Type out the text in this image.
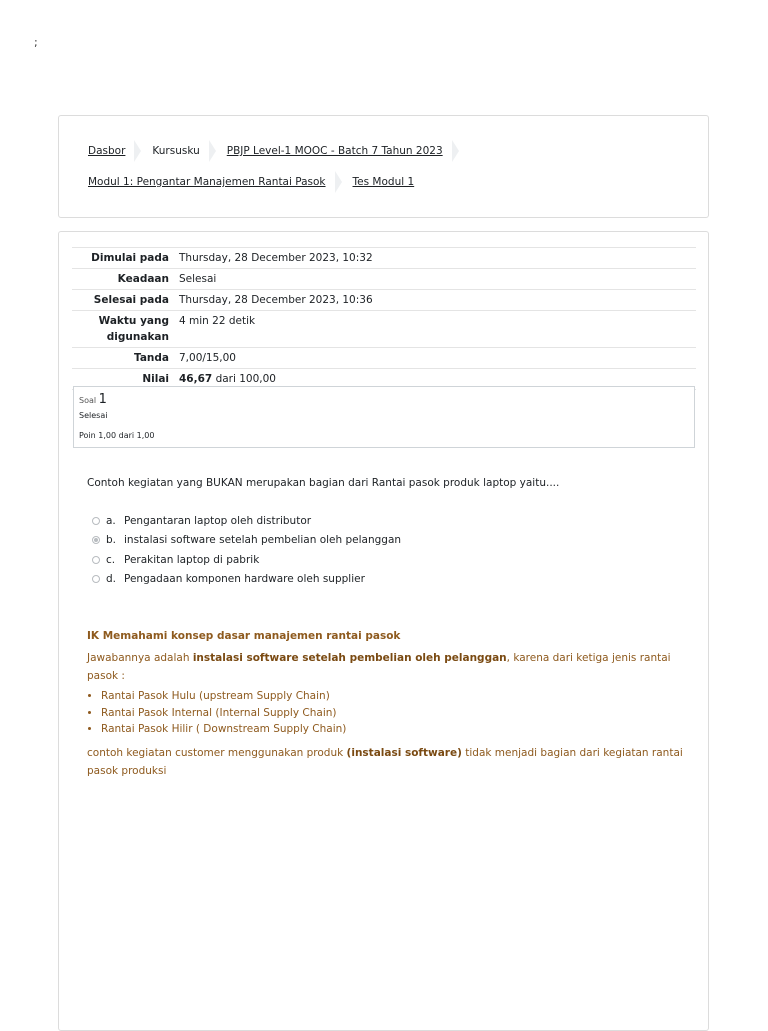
;
Dasbor	Kursusku	PBJP Level-1 MOOC - Batch 7 Tahun 2023
Modul 1: Pengantar Manajemen Rantai Pasok	Tes Modul 1
Dimulai pada	Thursday, 28 December 2023, 10:32
Keadaan	Selesai
Selesai pada	Thursday, 28 December 2023, 10:36
Waktu yang digunakan	4 min 22 detik
Tanda	7,00/15,00
Nilai	46,67 dari 100,00
Soal 1
Selesai
Poin 1,00 dari 1,00
Contoh kegiatan yang BUKAN merupakan bagian dari Rantai pasok produk laptop yaitu....
a. Pengantaran laptop oleh distributor
b. instalasi software setelah pembelian oleh pelanggan
c. Perakitan laptop di pabrik
d. Pengadaan komponen hardware oleh supplier
IK Memahami konsep dasar manajemen rantai pasok

Jawabannya adalah instalasi software setelah pembelian oleh pelanggan, karena dari ketiga jenis rantai pasok :

• Rantai Pasok Hulu (upstream Supply Chain)
• Rantai Pasok Internal (Internal Supply Chain)
• Rantai Pasok Hilir ( Downstream Supply Chain)

contoh kegiatan customer menggunakan produk (instalasi software) tidak menjadi bagian dari kegiatan rantai pasok produksi
